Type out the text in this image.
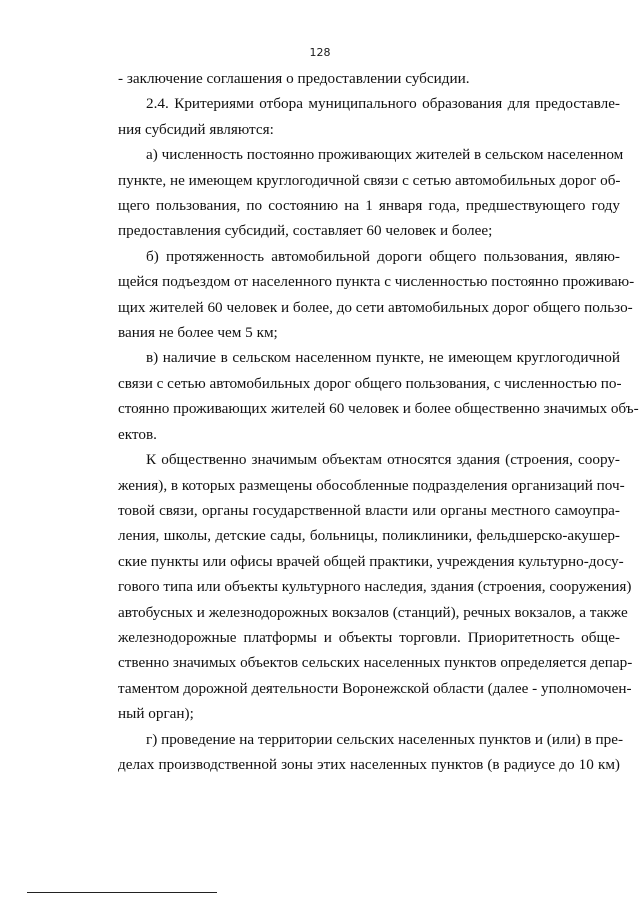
128
- заключение соглашения о предоставлении субсидии.
2.4. Критериями отбора муниципального образования для предоставле-
ния субсидий являются:
а) численность постоянно проживающих жителей в сельском населенном
пункте, не имеющем круглогодичной связи с сетью автомобильных дорог об-
щего пользования, по состоянию на 1 января года, предшествующего году
предоставления субсидий, составляет 60 человек и более;
б) протяженность автомобильной дороги общего пользования, являю-
щейся подъездом от населенного пункта с численностью постоянно проживаю-
щих жителей 60 человек и более, до сети автомобильных дорог общего пользо-
вания не более чем 5 км;
в) наличие в сельском населенном пункте, не имеющем круглогодичной
связи с сетью автомобильных дорог общего пользования, с численностью по-
стоянно проживающих жителей 60 человек и более общественно значимых объ-
ектов.
К общественно значимым объектам относятся здания (строения, соору-
жения), в которых размещены обособленные подразделения организаций поч-
товой связи, органы государственной власти или органы местного самоупра-
ления, школы, детские сады, больницы, поликлиники, фельдшерско-акушер-
ские пункты или офисы врачей общей практики, учреждения культурно-досу-
гового типа или объекты культурного наследия, здания (строения, сооружения)
автобусных и железнодорожных вокзалов (станций), речных вокзалов, а также
железнодорожные платформы и объекты торговли. Приоритетность обще-
ственно значимых объектов сельских населенных пунктов определяется депар-
таментом дорожной деятельности Воронежской области (далее - уполномочен-
ный орган);
г) проведение на территории сельских населенных пунктов и (или) в пре-
делах производственной зоны этих населенных пунктов (в радиусе до 10 км)
